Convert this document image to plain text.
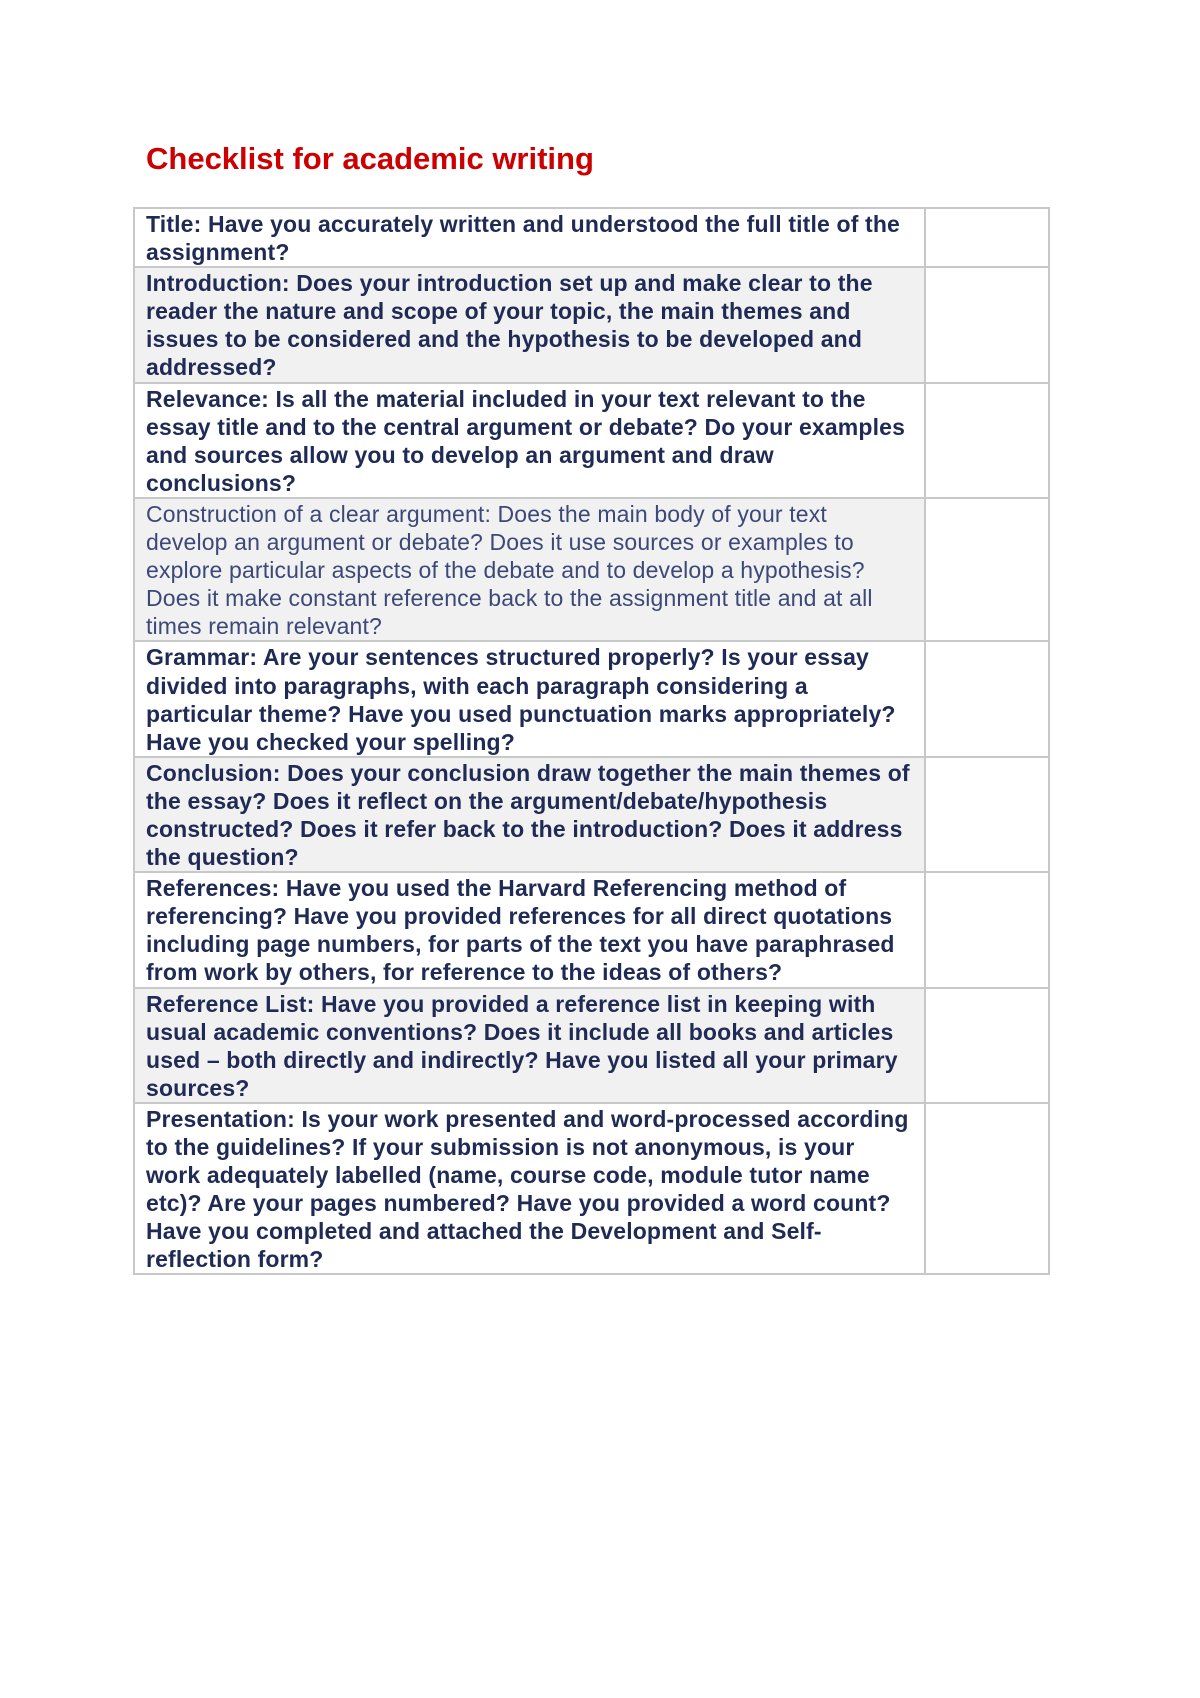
Checklist for academic writing
Title: Have you accurately written and understood the full title of the assignment?	
Introduction: Does your introduction set up and make clear to the reader the nature and scope of your topic, the main themes and issues to be considered and the hypothesis to be developed and addressed?	
Relevance: Is all the material included in your text relevant to the essay title and to the central argument or debate? Do your examples and sources allow you to develop an argument and draw conclusions?	
Construction of a clear argument: Does the main body of your text develop an argument or debate? Does it use sources or examples to explore particular aspects of the debate and to develop a hypothesis? Does it make constant reference back to the assignment title and at all times remain relevant?	
Grammar: Are your sentences structured properly? Is your essay divided into paragraphs, with each paragraph considering a particular theme? Have you used punctuation marks appropriately? Have you checked your spelling?	
Conclusion: Does your conclusion draw together the main themes of the essay? Does it reflect on the argument/debate/hypothesis constructed? Does it refer back to the introduction? Does it address the question?	
References: Have you used the Harvard Referencing method of referencing? Have you provided references for all direct quotations including page numbers, for parts of the text you have paraphrased from work by others, for reference to the ideas of others?	
Reference List: Have you provided a reference list in keeping with usual academic conventions? Does it include all books and articles used – both directly and indirectly? Have you listed all your primary sources?	
Presentation: Is your work presented and word-processed according to the guidelines? If your submission is not anonymous, is your work adequately labelled (name, course code, module tutor name etc)? Are your pages numbered? Have you provided a word count? Have you completed and attached the Development and Self-reflection form?	
